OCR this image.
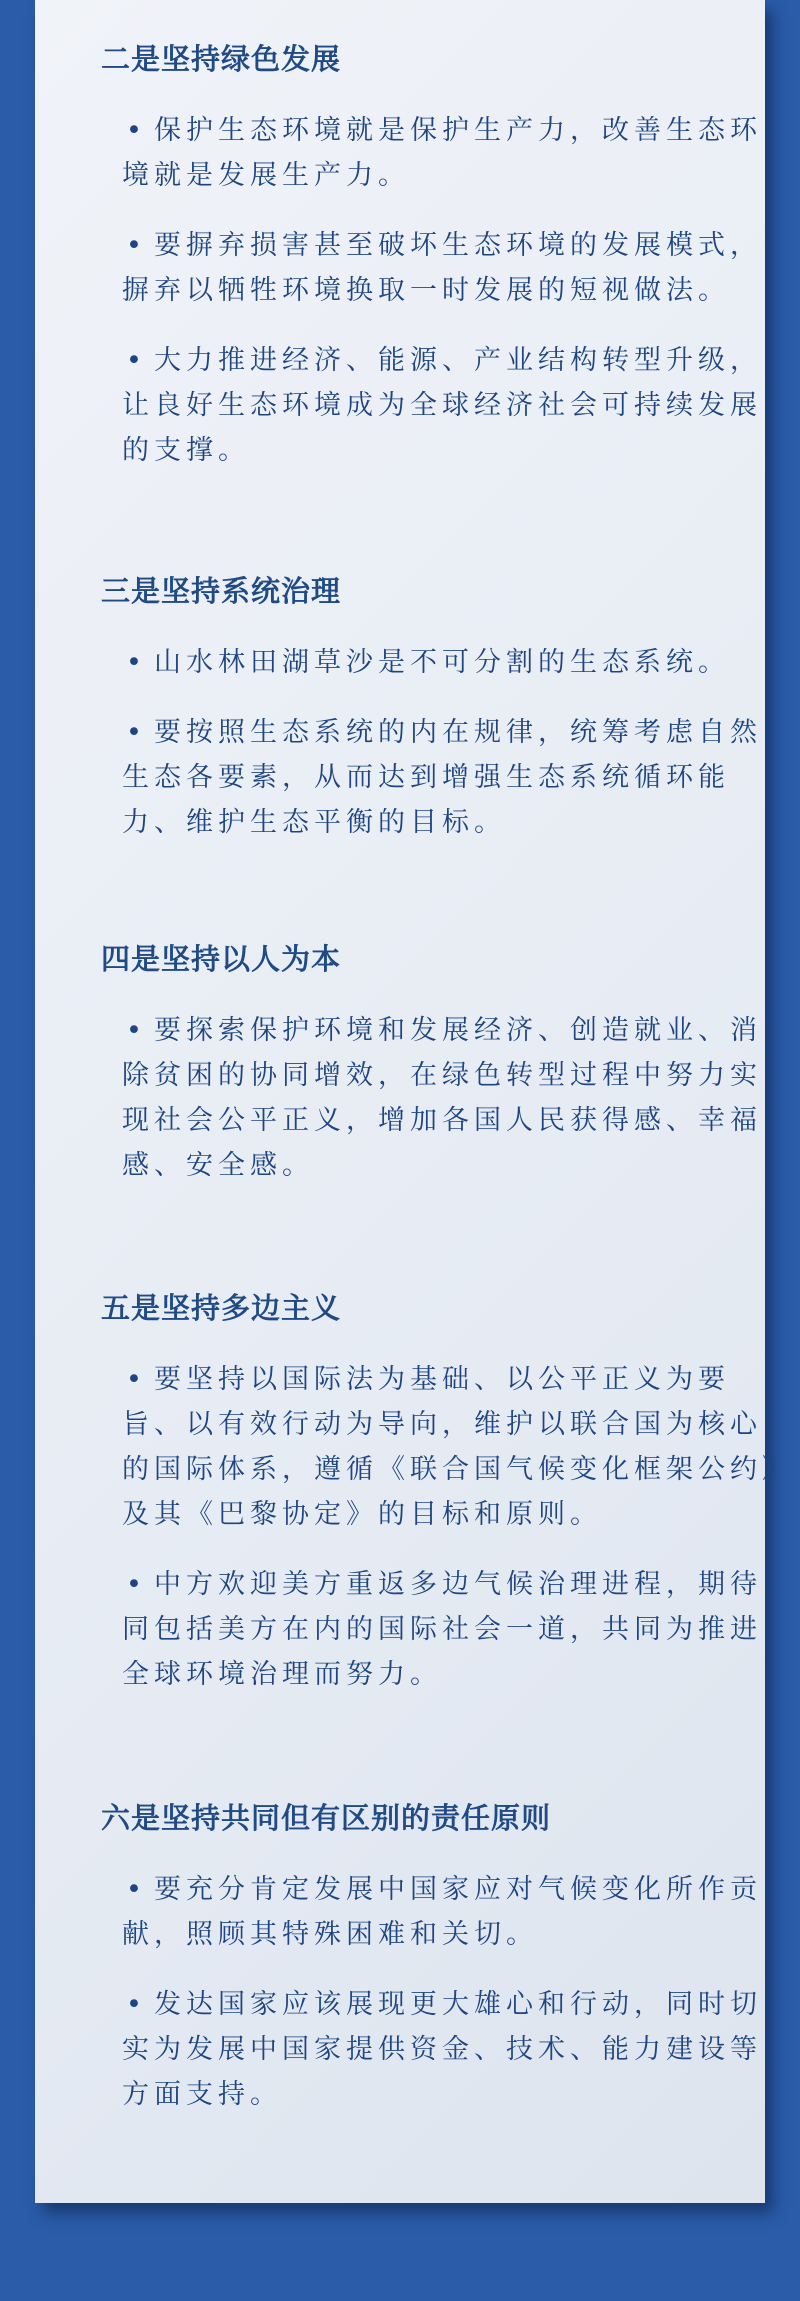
二是坚持绿色发展
• 保护生态环境就是保护生产力，改善生态环境就是发展生产力。
• 要摒弃损害甚至破坏生态环境的发展模式，摒弃以牺牲环境换取一时发展的短视做法。
• 大力推进经济、能源、产业结构转型升级，让良好生态环境成为全球经济社会可持续发展的支撑。
三是坚持系统治理
• 山水林田湖草沙是不可分割的生态系统。
• 要按照生态系统的内在规律，统筹考虑自然生态各要素，从而达到增强生态系统循环能力、维护生态平衡的目标。
四是坚持以人为本
• 要探索保护环境和发展经济、创造就业、消除贫困的协同增效，在绿色转型过程中努力实现社会公平正义，增加各国人民获得感、幸福感、安全感。
五是坚持多边主义
• 要坚持以国际法为基础、以公平正义为要旨、以有效行动为导向，维护以联合国为核心的国际体系，遵循《联合国气候变化框架公约》及其《巴黎协定》的目标和原则。
• 中方欢迎美方重返多边气候治理进程，期待同包括美方在内的国际社会一道，共同为推进全球环境治理而努力。
六是坚持共同但有区别的责任原则
• 要充分肯定发展中国家应对气候变化所作贡献，照顾其特殊困难和关切。
• 发达国家应该展现更大雄心和行动，同时切实为发展中国家提供资金、技术、能力建设等方面支持。
